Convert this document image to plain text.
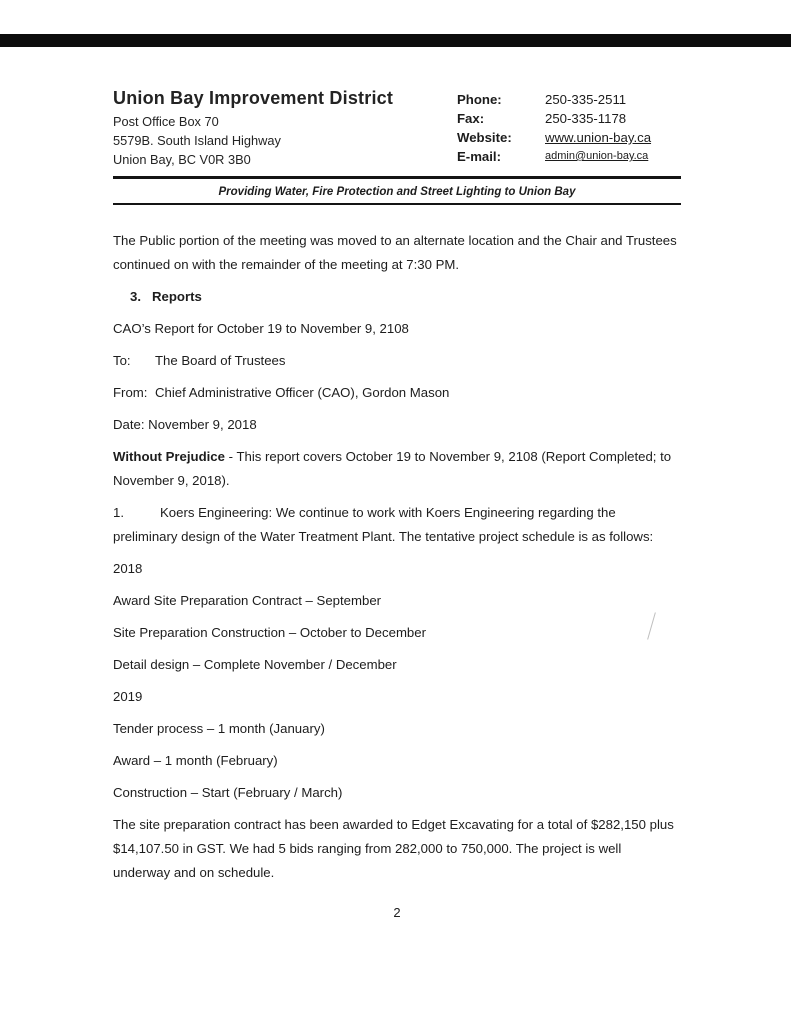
Union Bay Improvement District
Post Office Box 70
5579B. South Island Highway
Union Bay, BC V0R 3B0
Phone:	250-335-2511
Fax:	250-335-1178
Website:	www.union-bay.ca
E-mail:	admin@union-bay.ca
Providing Water, Fire Protection and Street Lighting to Union Bay

The Public portion of the meeting was moved to an alternate location and the Chair and Trustees continued on with the remainder of the meeting at 7:30 PM.

3. Reports

CAO’s Report for October 19 to November 9, 2108

To: The Board of Trustees

From: Chief Administrative Officer (CAO), Gordon Mason

Date: November 9, 2018

Without Prejudice - This report covers October 19 to November 9, 2108 (Report Completed; to November 9, 2018).

1.	Koers Engineering: We continue to work with Koers Engineering regarding the preliminary design of the Water Treatment Plant. The tentative project schedule is as follows:

2018

Award Site Preparation Contract – September

Site Preparation Construction – October to December

Detail design – Complete November / December

2019

Tender process – 1 month (January)

Award – 1 month (February)

Construction – Start (February / March)

The site preparation contract has been awarded to Edget Excavating for a total of $282,150 plus $14,107.50 in GST. We had 5 bids ranging from 282,000 to 750,000. The project is well underway and on schedule.

2
